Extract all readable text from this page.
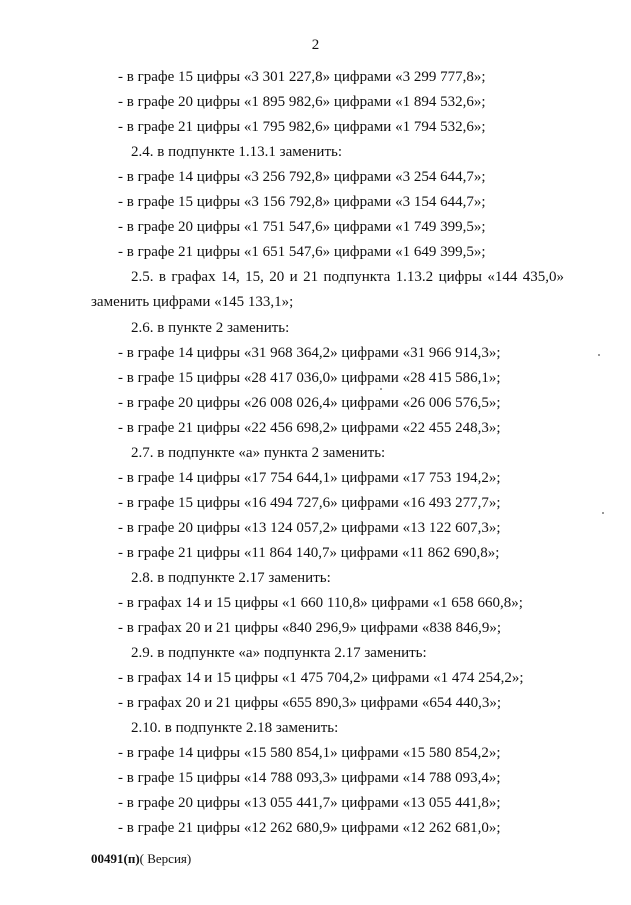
2
- в графе 15 цифры «3 301 227,8» цифрами «3 299 777,8»;
- в графе 20 цифры «1 895 982,6» цифрами «1 894 532,6»;
- в графе 21 цифры «1 795 982,6» цифрами «1 794 532,6»;
2.4. в подпункте 1.13.1 заменить:
- в графе 14 цифры «3 256 792,8» цифрами «3 254 644,7»;
- в графе 15 цифры «3 156 792,8» цифрами «3 154 644,7»;
- в графе 20 цифры «1 751 547,6» цифрами «1 749 399,5»;
- в графе 21 цифры «1 651 547,6» цифрами «1 649 399,5»;
2.5. в графах 14, 15, 20 и 21 подпункта 1.13.2 цифры «144 435,0»
заменить цифрами «145 133,1»;
2.6. в пункте 2 заменить:
- в графе 14 цифры «31 968 364,2» цифрами «31 966 914,3»;
- в графе 15 цифры «28 417 036,0» цифрами «28 415 586,1»;
- в графе 20 цифры «26 008 026,4» цифрами «26 006 576,5»;
- в графе 21 цифры «22 456 698,2» цифрами «22 455 248,3»;
2.7. в подпункте «а» пункта 2 заменить:
- в графе 14 цифры «17 754 644,1» цифрами «17 753 194,2»;
- в графе 15 цифры «16 494 727,6» цифрами «16 493 277,7»;
- в графе 20 цифры «13 124 057,2» цифрами «13 122 607,3»;
- в графе 21 цифры «11 864 140,7» цифрами «11 862 690,8»;
2.8. в подпункте 2.17 заменить:
- в графах 14 и 15 цифры «1 660 110,8» цифрами «1 658 660,8»;
- в графах 20 и 21 цифры «840 296,9» цифрами «838 846,9»;
2.9. в подпункте «а» подпункта 2.17 заменить:
- в графах 14 и 15 цифры «1 475 704,2» цифрами «1 474 254,2»;
- в графах 20 и 21 цифры «655 890,3» цифрами «654 440,3»;
2.10. в подпункте 2.18 заменить:
- в графе 14 цифры «15 580 854,1» цифрами «15 580 854,2»;
- в графе 15 цифры «14 788 093,3» цифрами «14 788 093,4»;
- в графе 20 цифры «13 055 441,7» цифрами «13 055 441,8»;
- в графе 21 цифры «12 262 680,9» цифрами «12 262 681,0»;
00491(п)( Версия)
